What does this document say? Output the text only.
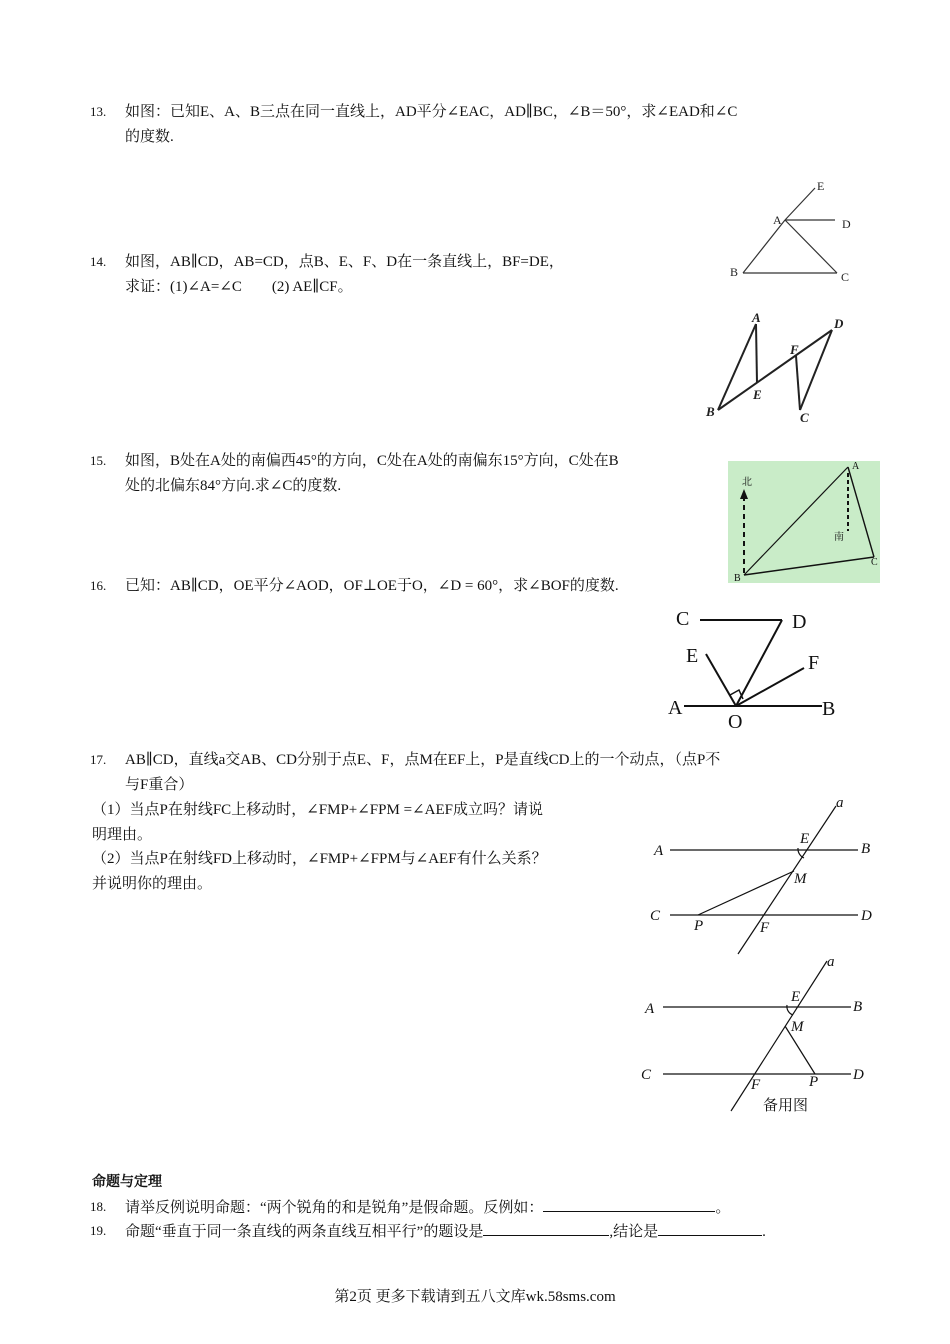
13. 如图：已知E、A、B三点在同一直线上，AD平分∠EAC，AD∥BC，∠B＝50°，求∠EAD和∠C
的度数.
E
A	D
B	C
14. 如图，AB∥CD，AB=CD，点B、E、F、D在一条直线上，BF=DE，
求证：(1)∠A=∠C　　(2) AE∥CF。
A
B
E
F
D
C
15. 如图，B处在A处的南偏西45°的方向，C处在A处的南偏东15°方向，C处在B
处的北偏东84°方向.求∠C的度数.	北
南
A
B
C
16. 已知：AB∥CD，OE平分∠AOD，OF⊥OE于O，∠D = 60°，求∠BOF的度数.
C	D
E	F
A
O
B
17. AB∥CD，直线a交AB、CD分别于点E、F，点M在EF上，P是直线CD上的一个动点，（点P不
与F重合）
（1）当点P在射线FC上移动时，∠FMP+∠FPM =∠AEF成立吗？请说
明理由。
（2）当点P在射线FD上移动时，∠FMP+∠FPM与∠AEF有什么关系？
并说明你的理由。
a
E
A	B
M
C	D
P	F
a
E
A	B
M
C	D
P
F
备用图
命题与定理
18. 请举反例说明命题：“两个锐角的和是锐角”是假命题。反例如：	。
19. 命题“垂直于同一条直线的两条直线互相平行”的题设是	,结论是	.
第2页 更多下载请到五八文库wk.58sms.com
